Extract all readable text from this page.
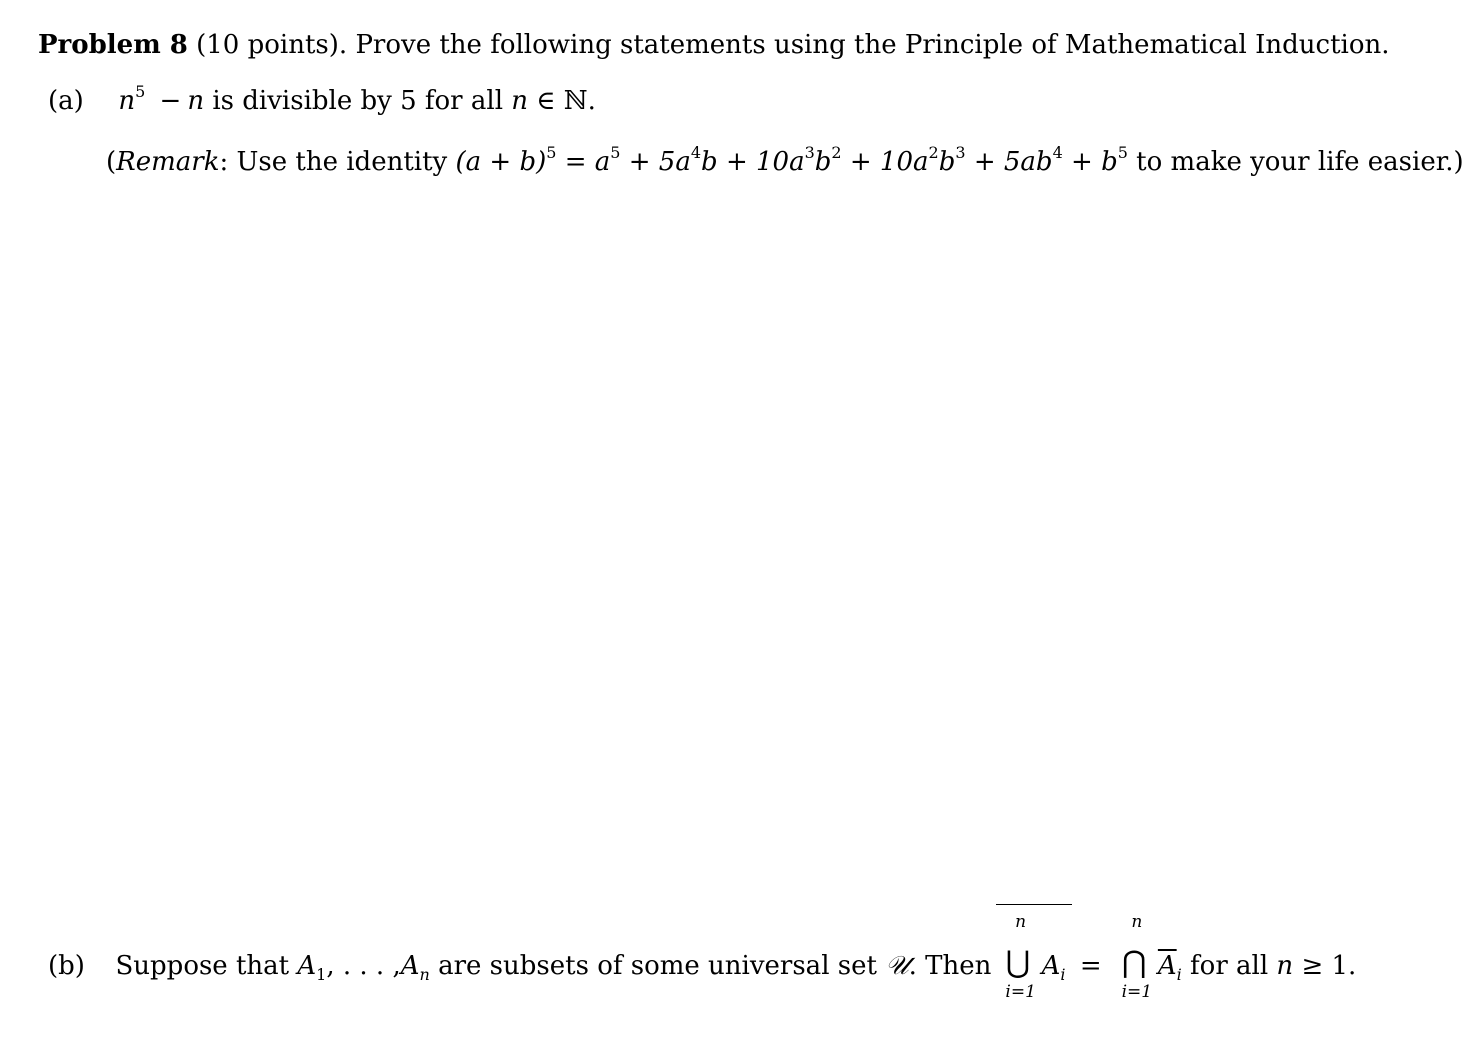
Problem 8 (10 points). Prove the following statements using the Principle of Mathematical Induction.
(a) $n^5 - n$ is divisible by 5 for all n ∈ ℕ.
(Remark: Use the identity $(a + b)^5 = a^5 + 5a^4b + 10a^3b^2 + 10a^2b^3 + 5ab^4 + b^5$ to make your life easier.)
(b) Suppose that $A_1$, . . . $,A_n$ are subsets of some universal set 𝒰. Then
n
⋃
i=1
$A_i$ =
n
⋂
i=1
$\overline{A}_i$ for all n ≥ 1.
